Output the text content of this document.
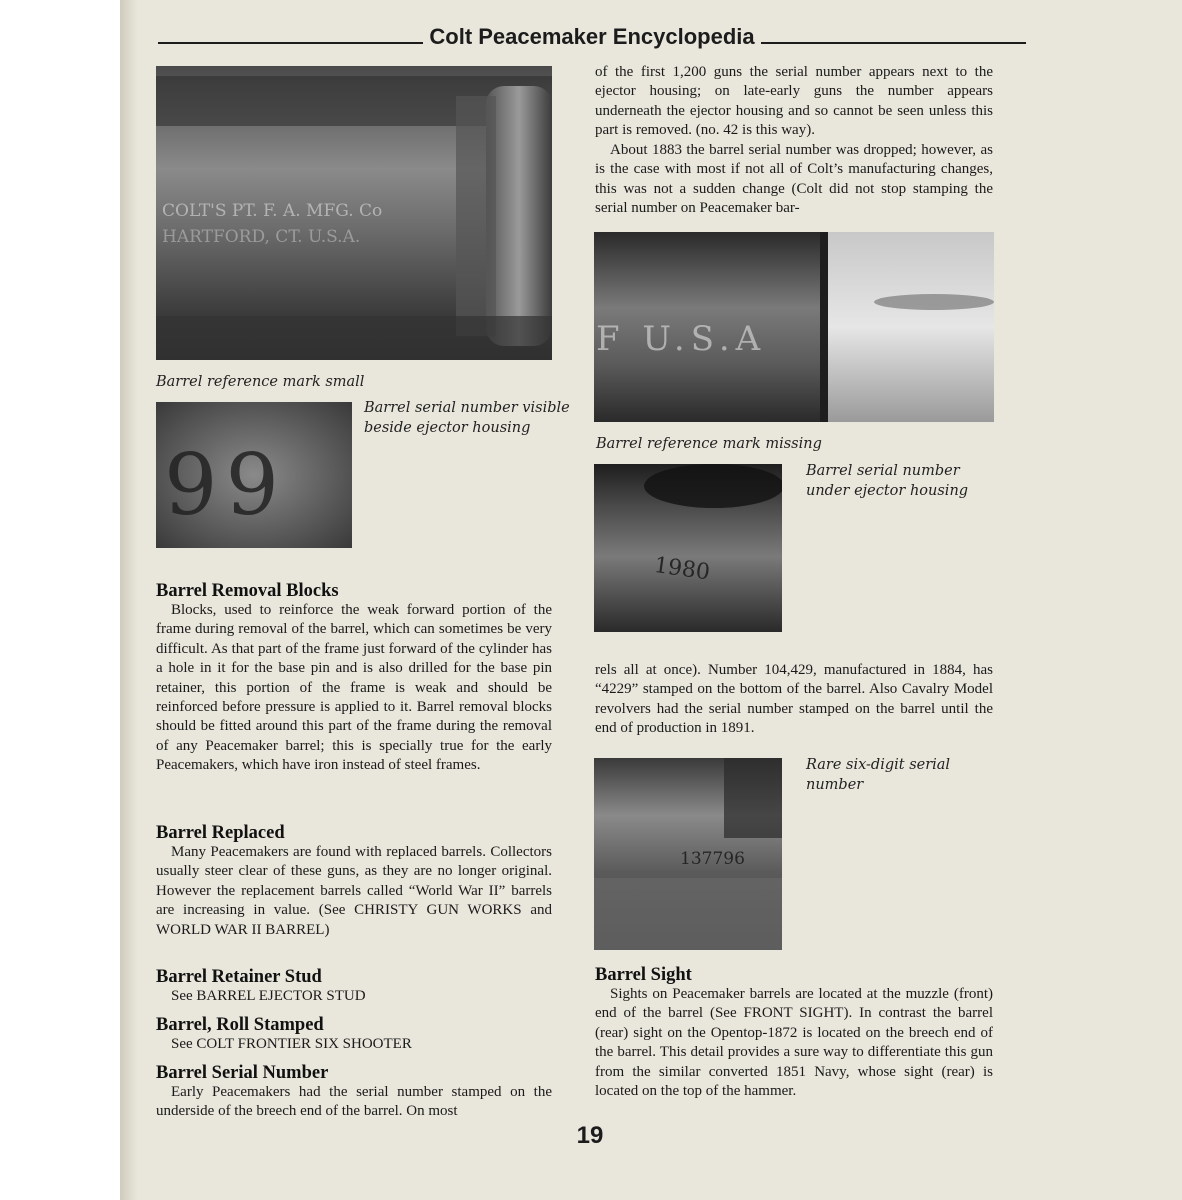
Colt Peacemaker Encyclopedia
COLT'S PT. F. A. MFG. Co
HARTFORD, CT. U.S.A.
Barrel reference mark small
99
Barrel serial number visible
beside ejector housing
Barrel Removal Blocks
Blocks, used to reinforce the weak forward portion of the frame during removal of the barrel, which can sometimes be very difficult. As that part of the frame just forward of the cylinder has a hole in it for the base pin and is also drilled for the base pin retainer, this portion of the frame is weak and should be reinforced before pressure is applied to it. Barrel removal blocks should be fitted around this part of the frame during the removal of any Peacemaker barrel; this is specially true for the early Peacemakers, which have iron instead of steel frames.
Barrel Replaced
Many Peacemakers are found with replaced barrels. Collectors usually steer clear of these guns, as they are no longer original. However the replacement barrels called “World War II” barrels are increasing in value. (See CHRISTY GUN WORKS and WORLD WAR II BARREL)
Barrel Retainer Stud
See BARREL EJECTOR STUD
Barrel, Roll Stamped
See COLT FRONTIER SIX SHOOTER
Barrel Serial Number
Early Peacemakers had the serial number stamped on the underside of the breech end of the barrel. On most
of the first 1,200 guns the serial number appears next to the ejector housing; on late-early guns the number appears underneath the ejector housing and so cannot be seen unless this part is removed. (no. 42 is this way).
About 1883 the barrel serial number was dropped; however, as is the case with most if not all of Colt’s manufacturing changes, this was not a sudden change (Colt did not stop stamping the serial number on Peacemaker bar-
F U.S.A
Barrel reference mark missing
1980
Barrel serial number
under ejector housing
rels all at once). Number 104,429, manufactured in 1884, has “4229” stamped on the bottom of the barrel. Also Cavalry Model revolvers had the serial number stamped on the barrel until the end of production in 1891.
137796
Rare six-digit serial
number
Barrel Sight
Sights on Peacemaker barrels are located at the muzzle (front) end of the barrel (See FRONT SIGHT). In contrast the barrel (rear) sight on the Opentop-1872 is located on the breech end of the barrel. This detail provides a sure way to differentiate this gun from the similar converted 1851 Navy, whose sight (rear) is located on the top of the hammer.
19
